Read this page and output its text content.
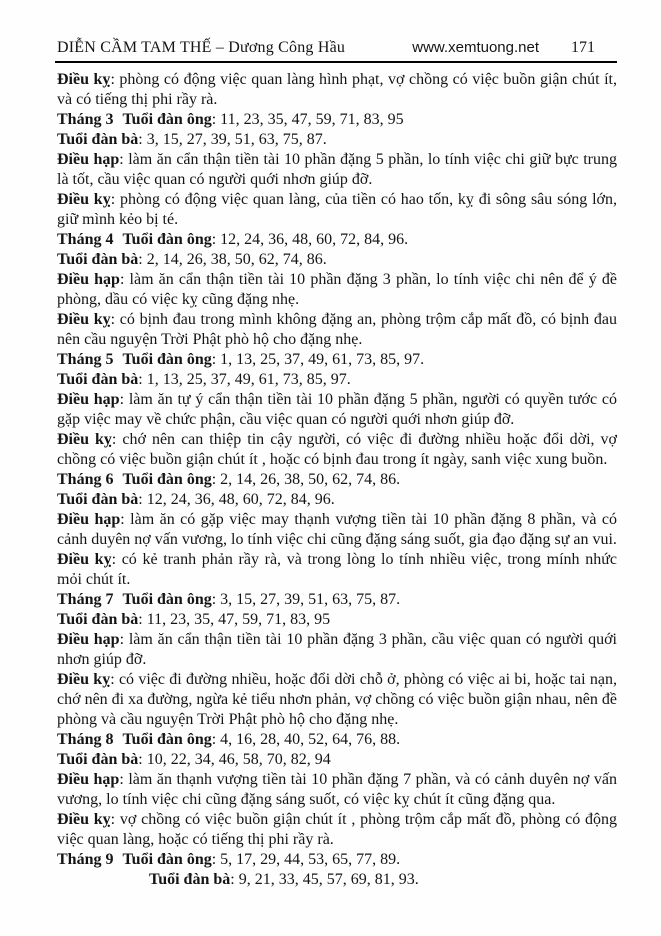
DIỄN CẦM TAM THẾ – Dương Công Hầu	www.xemtuong.net 171

Điều kỵ: phòng có động việc quan làng hình phạt, vợ chồng có việc buồn giận chút ít, và có tiếng thị phi rầy rà.

Tháng 3 Tuổi đàn ông: 11, 23, 35, 47, 59, 71, 83, 95

Tuổi đàn bà: 3, 15, 27, 39, 51, 63, 75, 87.

Điều hạp: làm ăn cẩn thận tiền tài 10 phần đặng 5 phần, lo tính việc chi giữ bực trung là tốt, cầu việc quan có người quới nhơn giúp đỡ.

Điều kỵ: phòng có động việc quan làng, của tiền có hao tốn, kỵ đi sông sâu sóng lớn, giữ mình kẻo bị té.

Tháng 4 Tuổi đàn ông: 12, 24, 36, 48, 60, 72, 84, 96.

Tuổi đàn bà: 2, 14, 26, 38, 50, 62, 74, 86.

Điều hạp: làm ăn cẩn thận tiền tài 10 phần đặng 3 phần, lo tính việc chi nên để ý đề phòng, dầu có việc kỵ cũng đặng nhẹ.

Điều kỵ: có bịnh đau trong mình không đặng an, phòng trộm cắp mất đồ, có bịnh đau nên cầu nguyện Trời Phật phò hộ cho đặng nhẹ.

Tháng 5 Tuổi đàn ông: 1, 13, 25, 37, 49, 61, 73, 85, 97.

Tuổi đàn bà: 1, 13, 25, 37, 49, 61, 73, 85, 97.

Điều hạp: làm ăn tự ý cẩn thận tiền tài 10 phần đặng 5 phần, người có quyền tước có gặp việc may về chức phận, cầu việc quan có người quới nhơn giúp đỡ.

Điều kỵ: chớ nên can thiệp tin cậy người, có việc đi đường nhiều hoặc đổi dời, vợ chồng có việc buồn giận chút ít , hoặc có bịnh đau trong ít ngày, sanh việc xung buồn.

Tháng 6 Tuổi đàn ông: 2, 14, 26, 38, 50, 62, 74, 86.

Tuổi đàn bà: 12, 24, 36, 48, 60, 72, 84, 96.

Điều hạp: làm ăn có gặp việc may thạnh vượng tiền tài 10 phần đặng 8 phần, và có cảnh duyên nợ vấn vương, lo tính việc chi cũng đặng sáng suốt, gia đạo đặng sự an vui.

Điều kỵ: có kẻ tranh phản rầy rà, và trong lòng lo tính nhiều việc, trong mính nhức mỏi chút ít.

Tháng 7 Tuổi đàn ông: 3, 15, 27, 39, 51, 63, 75, 87.

Tuổi đàn bà: 11, 23, 35, 47, 59, 71, 83, 95

Điều hạp: làm ăn cẩn thận tiền tài 10 phần đặng 3 phần, cầu việc quan có người quới nhơn giúp đỡ.

Điều kỵ: có việc đi đường nhiều, hoặc đổi dời chỗ ở, phòng có việc ai bi, hoặc tai nạn, chớ nên đi xa đường, ngừa kẻ tiểu nhơn phản, vợ chồng có việc buồn giận nhau, nên đề phòng và cầu nguyện Trời Phật phò hộ cho đặng nhẹ.

Tháng 8 Tuổi đàn ông: 4, 16, 28, 40, 52, 64, 76, 88.

Tuổi đàn bà: 10, 22, 34, 46, 58, 70, 82, 94

Điều hạp: làm ăn thạnh vượng tiền tài 10 phần đặng 7 phần, và có cảnh duyên nợ vấn vương, lo tính việc chi cũng đặng sáng suốt, có việc kỵ chút ít cũng đặng qua.

Điều kỵ: vợ chồng có việc buồn giận chút ít , phòng trộm cắp mất đồ, phòng có động việc quan làng, hoặc có tiếng thị phi rầy rà.

Tháng 9 Tuổi đàn ông: 5, 17, 29, 44, 53, 65, 77, 89.

Tuổi đàn bà: 9, 21, 33, 45, 57, 69, 81, 93.
